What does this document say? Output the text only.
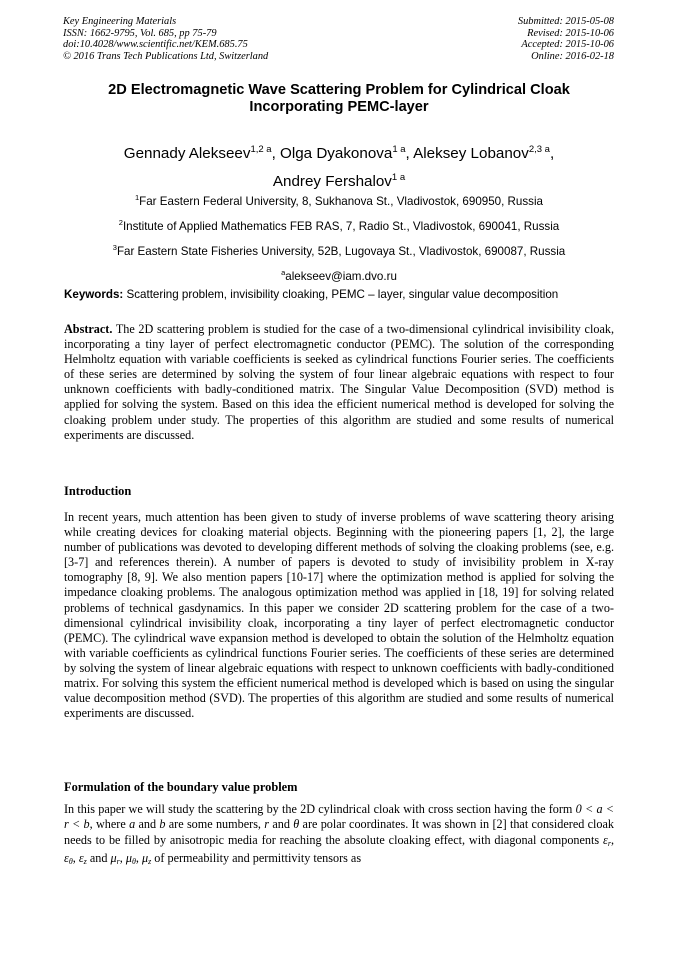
Key Engineering Materials
ISSN: 1662-9795, Vol. 685, pp 75-79
doi:10.4028/www.scientific.net/KEM.685.75
© 2016 Trans Tech Publications Ltd, Switzerland
Submitted: 2015-05-08
Revised: 2015-10-06
Accepted: 2015-10-06
Online: 2016-02-18
2D Electromagnetic Wave Scattering Problem for Cylindrical Cloak
Incorporating PEMC-layer
Gennady Alekseev$^{1,2 a}$, Olga Dyakonova$^{1 a}$, Aleksey Lobanov$^{2,3 a}$,
Andrey Fershalov$^{1 a}$
$^1$Far Eastern Federal University, 8, Sukhanova St., Vladivostok, 690950, Russia
$^2$Institute of Applied Mathematics FEB RAS, 7, Radio St., Vladivostok, 690041, Russia
$^3$Far Eastern State Fisheries University, 52B, Lugovaya St., Vladivostok, 690087, Russia
$^a$alekseev@iam.dvo.ru
Keywords: Scattering problem, invisibility cloaking, PEMC – layer, singular value decomposition

Abstract. The 2D scattering problem is studied for the case of a two-dimensional cylindrical invisibility cloak, incorporating a tiny layer of perfect electromagnetic conductor (PEMC). The solution of the corresponding Helmholtz equation with variable coefficients is seeked as cylindrical functions Fourier series. The coefficients of these series are determined by solving the system of four linear algebraic equations with respect to four unknown coefficients with badly-conditioned matrix. The Singular Value Decomposition (SVD) method is applied for solving the system. Based on this idea the efficient numerical method is developed for solving the cloaking problem under study. The properties of this algorithm are studied and some results of numerical experiments are discussed.

Introduction

In recent years, much attention has been given to study of inverse problems of wave scattering theory arising while creating devices for cloaking material objects. Beginning with the pioneering papers [1, 2], the large number of publications was devoted to developing different methods of solving the cloaking problems (see, e.g. [3-7] and references therein). A number of papers is devoted to study of invisibility problem in X-ray tomography [8, 9]. We also mention papers [10-17] where the optimization method is applied for solving the impedance cloaking problems. The analogous optimization method was applied in [18, 19] for solving related problems of technical gasdynamics. In this paper we consider 2D scattering problem for the case of a two-dimensional cylindrical invisibility cloak, incorporating a tiny layer of perfect electromagnetic conductor (PEMC). The cylindrical wave expansion method is developed to obtain the solution of the Helmholtz equation with variable coefficients as cylindrical functions Fourier series. The coefficients of these series are determined by solving the system of linear algebraic equations with respect to unknown coefficients with badly-conditioned matrix. For solving this system the efficient numerical method is developed which is based on using the singular value decomposition method (SVD). The properties of this algorithm are studied and some results of numerical experiments are discussed.

Formulation of the boundary value problem

In this paper we will study the scattering by the 2D cylindrical cloak with cross section having the form 0 < a < r < b, where a and b are some numbers, r and θ are polar coordinates. It was shown in [2] that considered cloak needs to be filled by anisotropic media for reaching the absolute cloaking effect, with diagonal components εr, εθ, εz and μr, μθ, μz of permeability and permittivity tensors as
